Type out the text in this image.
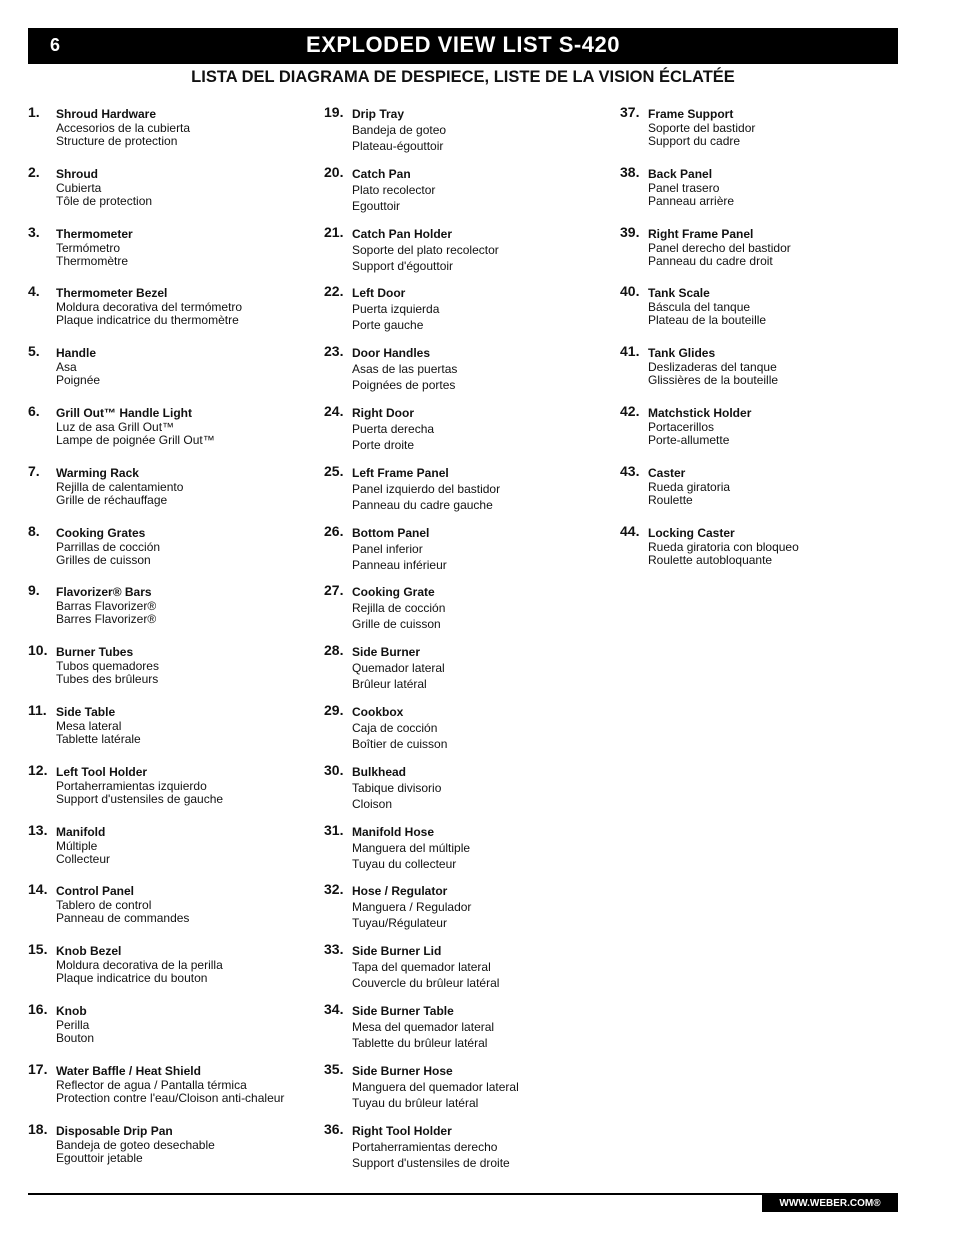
6	EXPLODED VIEW LIST S-420
LISTA DEL DIAGRAMA DE DESPIECE, LISTE DE LA VISION ÉCLATÉE
1. Shroud Hardware
Accesorios de la cubierta
Structure de protection
2. Shroud
Cubierta
Tôle de protection
3. Thermometer
Termómetro
Thermomètre
4. Thermometer Bezel
Moldura decorativa del termómetro
Plaque indicatrice du thermomètre
5. Handle
Asa
Poignée
6. Grill Out™ Handle Light
Luz de asa Grill Out™
Lampe de poignée Grill Out™
7. Warming Rack
Rejilla de calentamiento
Grille de réchauffage
8. Cooking Grates
Parrillas de cocción
Grilles de cuisson
9. Flavorizer® Bars
Barras Flavorizer®
Barres Flavorizer®
10. Burner Tubes
Tubos quemadores
Tubes des brûleurs
11. Side Table
Mesa lateral
Tablette latérale
12. Left Tool Holder
Portaherramientas izquierdo
Support d'ustensiles de gauche
13. Manifold
Múltiple
Collecteur
14. Control Panel
Tablero de control
Panneau de commandes
15. Knob Bezel
Moldura decorativa de la perilla
Plaque indicatrice du bouton
16. Knob
Perilla
Bouton
17. Water Baffle / Heat Shield
Reflector de agua / Pantalla térmica
Protection contre l'eau/Cloison anti-chaleur
18. Disposable Drip Pan
Bandeja de goteo desechable
Egouttoir jetable
19. Drip Tray
Bandeja de goteo
Plateau-égouttoir
20. Catch Pan
Plato recolector
Egouttoir
21. Catch Pan Holder
Soporte del plato recolector
Support d'égouttoir
22. Left Door
Puerta izquierda
Porte gauche
23. Door Handles
Asas de las puertas
Poignées de portes
24. Right Door
Puerta derecha
Porte droite
25. Left Frame Panel
Panel izquierdo del bastidor
Panneau du cadre gauche
26. Bottom Panel
Panel inferior
Panneau inférieur
27. Cooking Grate
Rejilla de cocción
Grille de cuisson
28. Side Burner
Quemador lateral
Brûleur latéral
29. Cookbox
Caja de cocción
Boîtier de cuisson
30. Bulkhead
Tabique divisorio
Cloison
31. Manifold Hose
Manguera del múltiple
Tuyau du collecteur
32. Hose / Regulator
Manguera / Regulador
Tuyau/Régulateur
33. Side Burner Lid
Tapa del quemador lateral
Couvercle du brûleur latéral
34. Side Burner Table
Mesa del quemador lateral
Tablette du brûleur latéral
35. Side Burner Hose
Manguera del quemador lateral
Tuyau du brûleur latéral
36. Right Tool Holder
Portaherramientas derecho
Support d'ustensiles de droite
37. Frame Support
Soporte del bastidor
Support du cadre
38. Back Panel
Panel trasero
Panneau arrière
39. Right Frame Panel
Panel derecho del bastidor
Panneau du cadre droit
40. Tank Scale
Báscula del tanque
Plateau de la bouteille
41. Tank Glides
Deslizaderas del tanque
Glissières de la bouteille
42. Matchstick Holder
Portacerillos
Porte-allumette
43. Caster
Rueda giratoria
Roulette
44. Locking Caster
Rueda giratoria con bloqueo
Roulette autobloquante
WWW.WEBER.COM®
